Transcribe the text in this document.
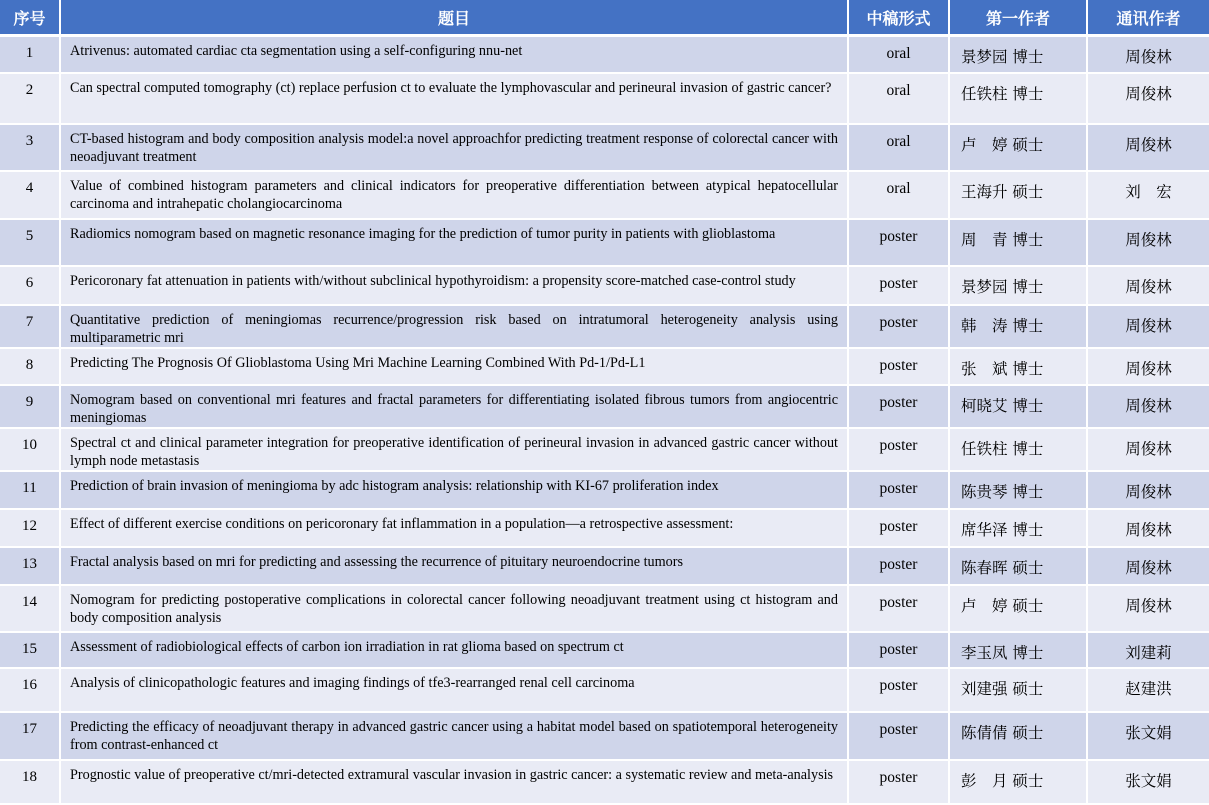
序号	题目	中稿形式	第一作者	通讯作者

1	Atrivenus: automated cardiac cta segmentation using a self-configuring nnu-net	oral	景梦园 博士	周俊林

2	Can spectral computed tomography (ct) replace perfusion ct to evaluate the lymphovascular and perineural invasion of gastric cancer?	oral	任铁柱 博士	周俊林

3	CT-based histogram and body composition analysis model:a novel approachfor predicting treatment response of colorectal cancer with neoadjuvant treatment	oral	卢　婷 硕士	周俊林

4	Value of combined histogram parameters and clinical indicators for preoperative differentiation between atypical hepatocellular carcinoma and intrahepatic cholangiocarcinoma	oral	王海升 硕士	刘　宏

5	Radiomics nomogram based on magnetic resonance imaging for the prediction of tumor purity in patients with glioblastoma	poster	周　青 博士	周俊林

6	Pericoronary fat attenuation in patients with/without subclinical hypothyroidism: a propensity score-matched case-control study	poster	景梦园 博士	周俊林

7	Quantitative prediction of meningiomas recurrence/progression risk based on intratumoral heterogeneity analysis using multiparametric mri	poster	韩　涛 博士	周俊林

8	Predicting The Prognosis Of Glioblastoma Using Mri Machine Learning Combined With Pd-1/Pd-L1	poster	张　斌 博士	周俊林

9	Nomogram based on conventional mri features and fractal parameters for differentiating isolated fibrous tumors from angiocentric meningiomas	poster	柯晓艾 博士	周俊林

10	Spectral ct and clinical parameter integration for preoperative identification of perineural invasion in advanced gastric cancer without lymph node metastasis	poster	任铁柱 博士	周俊林

11	Prediction of brain invasion of meningioma by adc histogram analysis: relationship with KI-67 proliferation index	poster	陈贵琴 博士	周俊林

12	Effect of different exercise conditions on pericoronary fat inflammation in a population—a retrospective assessment:	poster	席华泽 博士	周俊林

13	Fractal analysis based on mri for predicting and assessing the recurrence of pituitary neuroendocrine tumors	poster	陈春晖 硕士	周俊林

14	Nomogram for predicting postoperative complications in colorectal cancer following neoadjuvant treatment using ct histogram and body composition analysis	poster	卢　婷 硕士	周俊林

15	Assessment of radiobiological effects of carbon ion irradiation in rat glioma based on spectrum ct	poster	李玉凤 博士	刘建莉

16	Analysis of clinicopathologic features and imaging findings of tfe3-rearranged renal cell carcinoma	poster	刘建强 硕士	赵建洪

17	Predicting the efficacy of neoadjuvant therapy in advanced gastric cancer using a habitat model based on spatiotemporal heterogeneity from contrast-enhanced ct	poster	陈倩倩 硕士	张文娟

18	Prognostic value of preoperative ct/mri-detected extramural vascular invasion in gastric cancer: a systematic review and meta-analysis	poster	彭　月 硕士	张文娟
